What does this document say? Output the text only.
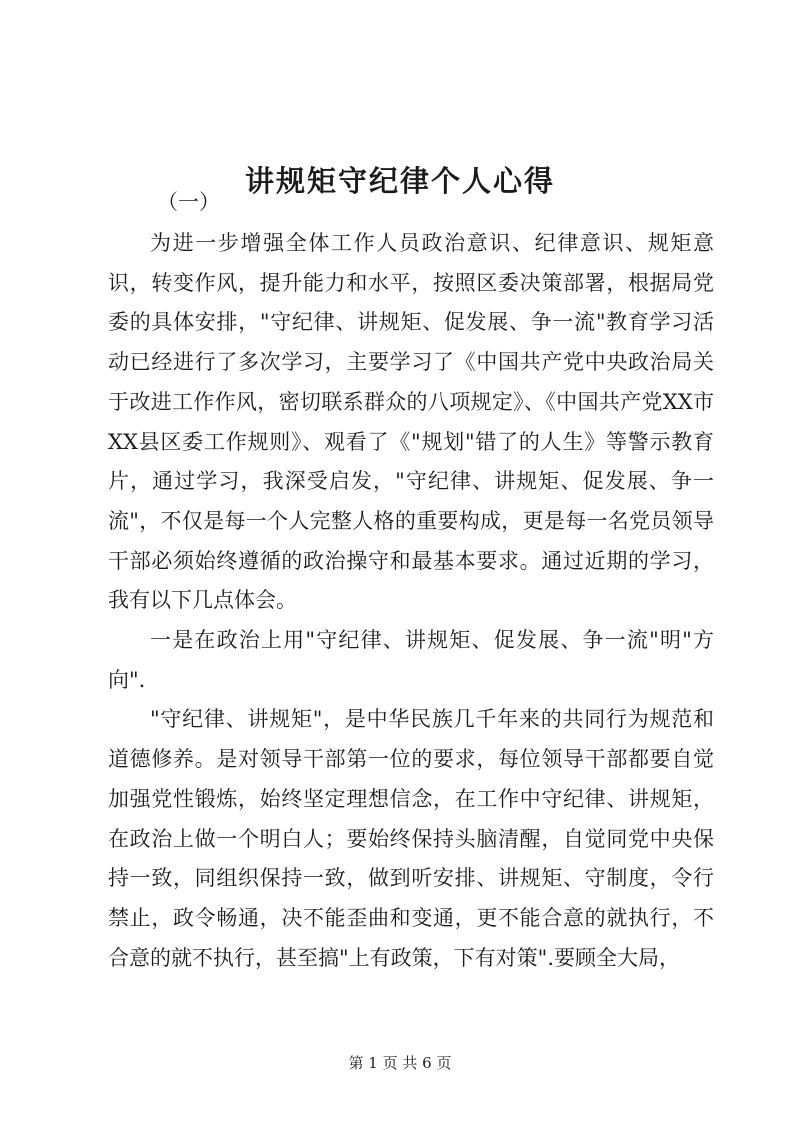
讲规矩守纪律个人心得
（一）

为进一步增强全体工作人员政治意识、纪律意识、规矩意识，转变作风，提升能力和水平，按照区委决策部署，根据局党委的具体安排，"守纪律、讲规矩、促发展、争一流"教育学习活动已经进行了多次学习，主要学习了《中国共产党中央政治局关于改进工作作风，密切联系群众的八项规定》、《中国共产党XX市XX县区委工作规则》、观看了《"规划"错了的人生》等警示教育片，通过学习，我深受启发，"守纪律、讲规矩、促发展、争一流"，不仅是每一个人完整人格的重要构成，更是每一名党员领导干部必须始终遵循的政治操守和最基本要求。通过近期的学习，我有以下几点体会。

一是在政治上用"守纪律、讲规矩、促发展、争一流"明"方向".

"守纪律、讲规矩"，是中华民族几千年来的共同行为规范和道德修养。是对领导干部第一位的要求，每位领导干部都要自觉加强党性锻炼，始终坚定理想信念，在工作中守纪律、讲规矩，在政治上做一个明白人；要始终保持头脑清醒，自觉同党中央保持一致，同组织保持一致，做到听安排、讲规矩、守制度，令行禁止，政令畅通，决不能歪曲和变通，更不能合意的就执行，不合意的就不执行，甚至搞"上有政策，下有对策".要顾全大局，

第 1 页 共 6 页
